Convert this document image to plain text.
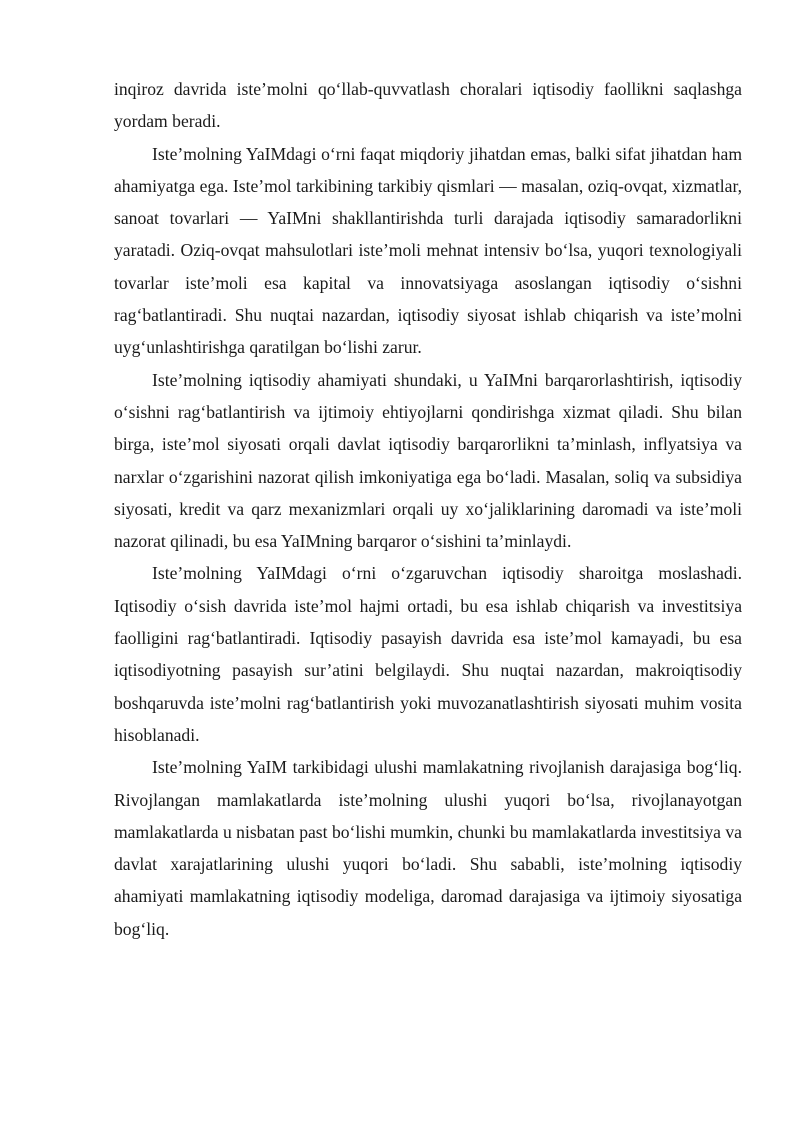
inqiroz davrida iste’molni qo‘llab-quvvatlash choralari iqtisodiy faollikni saqlashga yordam beradi.

Iste’molning YaIMdagi o‘rni faqat miqdoriy jihatdan emas, balki sifat jihatdan ham ahamiyatga ega. Iste’mol tarkibining tarkibiy qismlari — masalan, oziq-ovqat, xizmatlar, sanoat tovarlari — YaIMni shakllantirishda turli darajada iqtisodiy samaradorlikni yaratadi. Oziq-ovqat mahsulotlari iste’moli mehnat intensiv bo‘lsa, yuqori texnologiyali tovarlar iste’moli esa kapital va innovatsiyaga asoslangan iqtisodiy o‘sishni rag‘batlantiradi. Shu nuqtai nazardan, iqtisodiy siyosat ishlab chiqarish va iste’molni uyg‘unlashtirishga qaratilgan bo‘lishi zarur.

Iste’molning iqtisodiy ahamiyati shundaki, u YaIMni barqarorlashtirish, iqtisodiy o‘sishni rag‘batlantirish va ijtimoiy ehtiyojlarni qondirishga xizmat qiladi. Shu bilan birga, iste’mol siyosati orqali davlat iqtisodiy barqarorlikni ta’minlash, inflyatsiya va narxlar o‘zgarishini nazorat qilish imkoniyatiga ega bo‘ladi. Masalan, soliq va subsidiya siyosati, kredit va qarz mexanizmlari orqali uy xo‘jaliklarining daromadi va iste’moli nazorat qilinadi, bu esa YaIMning barqaror o‘sishini ta’minlaydi.

Iste’molning YaIMdagi o‘rni o‘zgaruvchan iqtisodiy sharoitga moslashadi. Iqtisodiy o‘sish davrida iste’mol hajmi ortadi, bu esa ishlab chiqarish va investitsiya faolligini rag‘batlantiradi. Iqtisodiy pasayish davrida esa iste’mol kamayadi, bu esa iqtisodiyotning pasayish sur’atini belgilaydi. Shu nuqtai nazardan, makroiqtisodiy boshqaruvda iste’molni rag‘batlantirish yoki muvozanatlashtirish siyosati muhim vosita hisoblanadi.

Iste’molning YaIM tarkibidagi ulushi mamlakatning rivojlanish darajasiga bog‘liq. Rivojlangan mamlakatlarda iste’molning ulushi yuqori bo‘lsa, rivojlanayotgan mamlakatlarda u nisbatan past bo‘lishi mumkin, chunki bu mamlakatlarda investitsiya va davlat xarajatlarining ulushi yuqori bo‘ladi. Shu sababli, iste’molning iqtisodiy ahamiyati mamlakatning iqtisodiy modeliga, daromad darajasiga va ijtimoiy siyosatiga bog‘liq.
